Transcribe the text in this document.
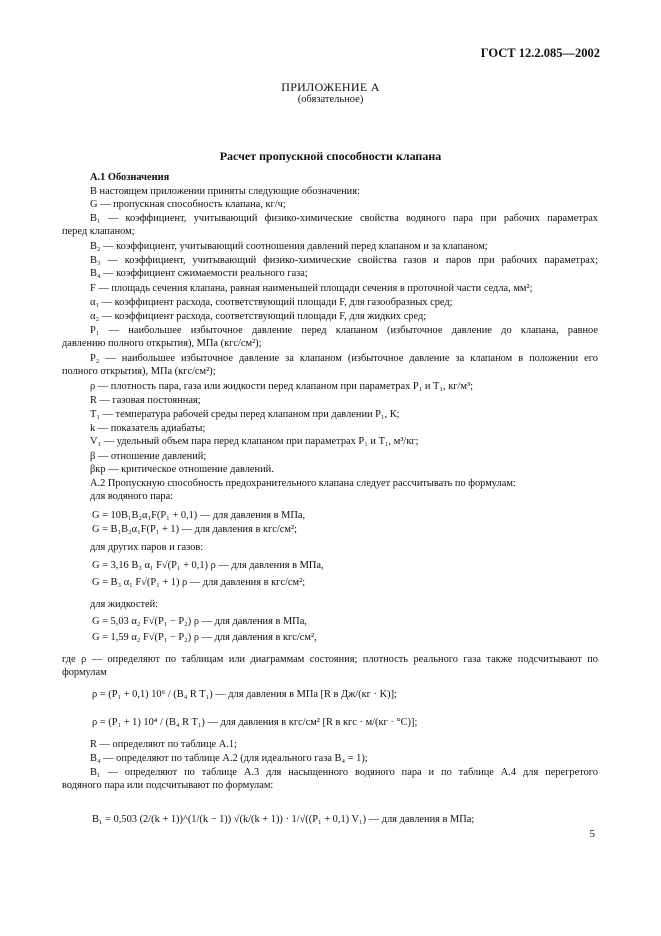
ГОСТ 12.2.085—2002
ПРИЛОЖЕНИЕ А
(обязательное)
Расчет пропускной способности клапана
А.1 Обозначения
В настоящем приложении приняты следующие обозначения:
G — пропускная способность клапана, кг/ч;
B₁ — коэффициент, учитывающий физико-химические свойства водяного пара при рабочих параметрах
перед клапаном;
B₂ — коэффициент, учитывающий соотношения давлений перед клапаном и за клапаном;
B₃ — коэффициент, учитывающий физико-химические свойства газов и паров при рабочих параметрах;
B₄ — коэффициент сжимаемости реального газа;
F — площадь сечения клапана, равная наименьшей площади сечения в проточной части седла, мм²;
α₁ — коэффициент расхода, соответствующий площади F, для газообразных сред;
α₂ — коэффициент расхода, соответствующий площади F, для жидких сред;
P₁ — наибольшее избыточное давление перед клапаном (избыточное давление до клапана, равное
давлению полного открытия), МПа (кгс/см²);
P₂ — наибольшее избыточное давление за клапаном (избыточное давление за клапаном в положении его
полного открытия), МПа (кгс/см²);
ρ — плотность пара, газа или жидкости перед клапаном при параметрах P₁ и T₁, кг/м³;
R — газовая постоянная;
T₁ — температура рабочей среды перед клапаном при давлении P₁, К;
k — показатель адиабаты;
V₁ — удельный объем пара перед клапаном при параметрах P₁ и T₁, м³/кг;
β — отношение давлений;
βкр — критическое отношение давлений.
А.2 Пропускную способность предохранительного клапана следует рассчитывать по формулам:
для водяного пара:
G = 10B₁B₂α₁F(P₁ + 0,1) — для давления в МПа,
G = B₁B₂α₁F(P₁ + 1) — для давления в кгс/см²;
для других паров и газов:
G = 3,16 B₃ α₁ F√(P₁ + 0,1) ρ — для давления в МПа,
G = B₃ α₁ F√(P₁ + 1) ρ — для давления в кгс/см²;
для жидкостей:
G = 5,03 α₂ F√(P₁ − P₂) ρ — для давления в МПа,
G = 1,59 α₂ F√(P₁ − P₂) ρ — для давления в кгс/см²,
где ρ — определяют по таблицам или диаграммам состояния; плотность реального газа также подсчитывают по
формулам
ρ = (P₁ + 0,1) 10⁶ / (B₄ R T₁) — для давления в МПа [R в Дж/(кг · K)];
ρ = (P₁ + 1) 10⁴ / (B₄ R T₁) — для давления в кгс/см² [R в кгс · м/(кг · °C)];
R — определяют по таблице А.1;
B₄ — определяют по таблице А.2 (для идеального газа B₄ = 1);
B₁ — определяют по таблице А.3 для насыщенного водяного пара и по таблице А.4 для перегретого
водяного пара или подсчитывают по формулам:
B₁ = 0,503 (2/(k + 1))^(1/(k − 1)) √(k/(k + 1)) · 1/√((P₁ + 0,1) V₁) — для давления в МПа;
5
